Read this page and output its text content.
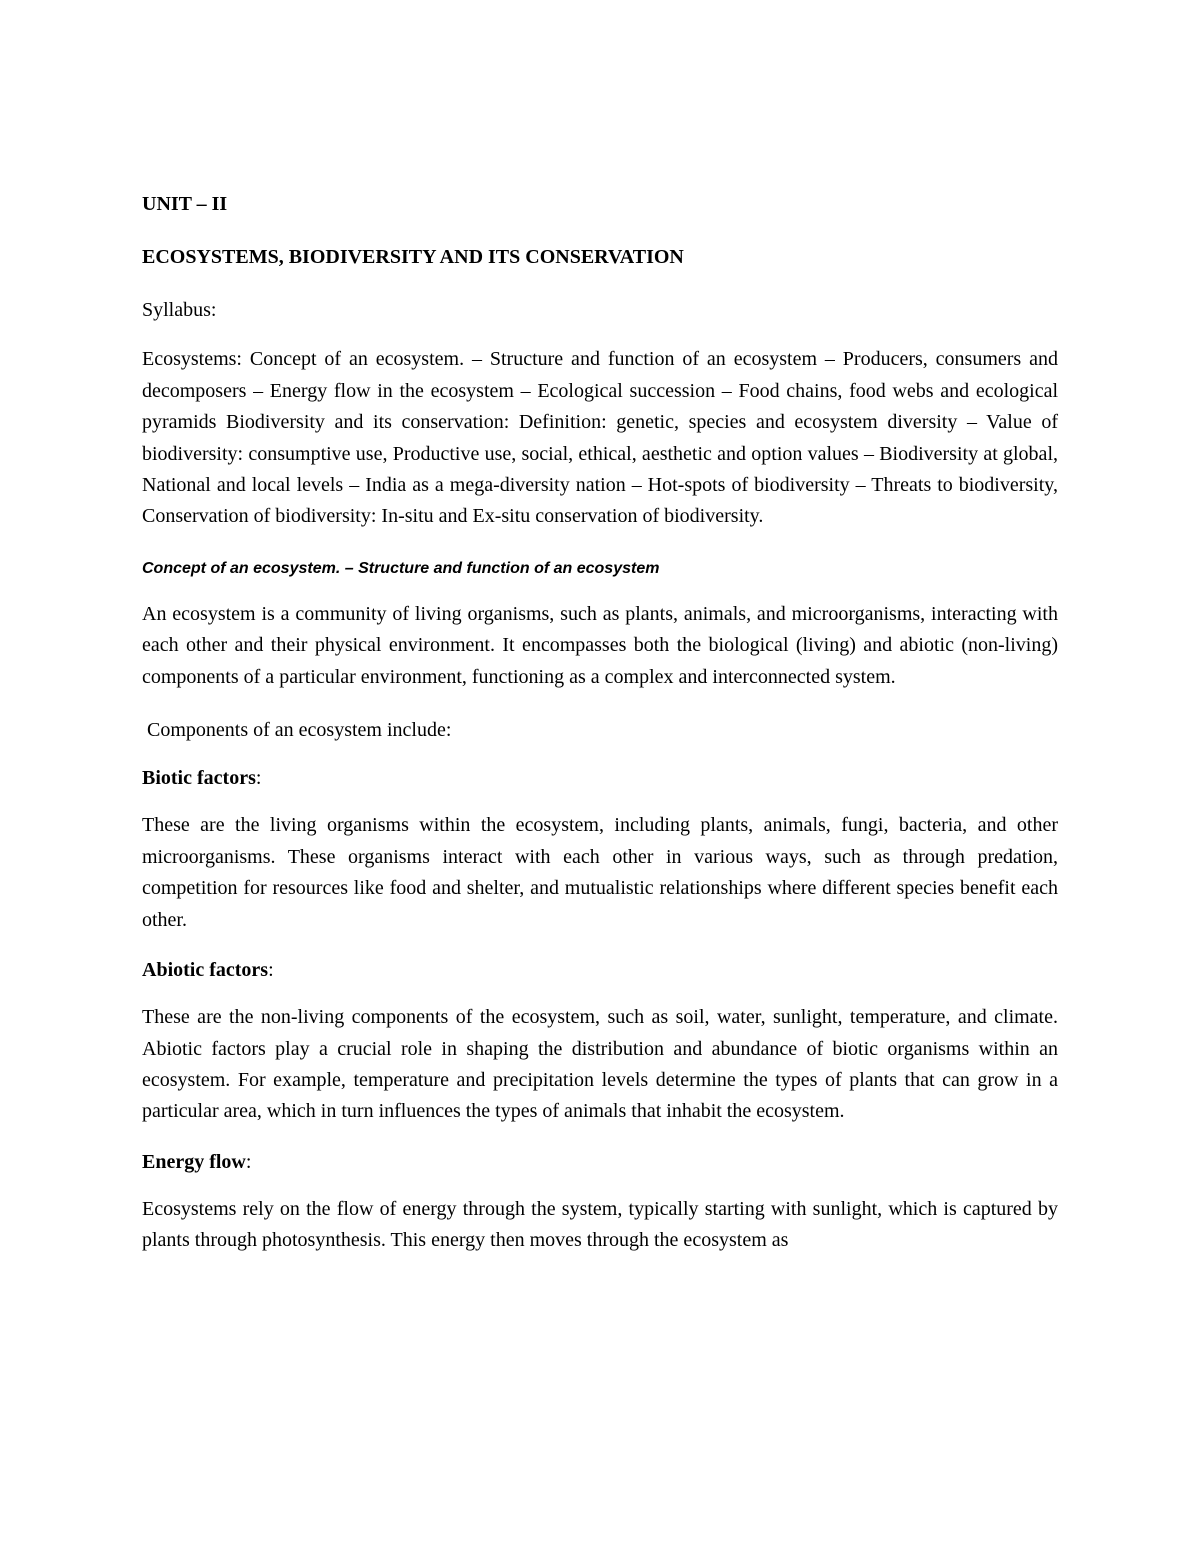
UNIT – II

ECOSYSTEMS, BIODIVERSITY AND ITS CONSERVATION

Syllabus:

Ecosystems: Concept of an ecosystem. – Structure and function of an ecosystem – Producers, consumers and decomposers – Energy flow in the ecosystem – Ecological succession – Food chains, food webs and ecological pyramids Biodiversity and its conservation: Definition: genetic, species and ecosystem diversity – Value of biodiversity: consumptive use, Productive use, social, ethical, aesthetic and option values – Biodiversity at global, National and local levels – India as a mega-diversity nation – Hot-spots of biodiversity – Threats to biodiversity, Conservation of biodiversity: In-situ and Ex-situ conservation of biodiversity.

Concept of an ecosystem. – Structure and function of an ecosystem

An ecosystem is a community of living organisms, such as plants, animals, and microorganisms, interacting with each other and their physical environment. It encompasses both the biological (living) and abiotic (non-living) components of a particular environment, functioning as a complex and interconnected system.

Components of an ecosystem include:

Biotic factors:

These are the living organisms within the ecosystem, including plants, animals, fungi, bacteria, and other microorganisms. These organisms interact with each other in various ways, such as through predation, competition for resources like food and shelter, and mutualistic relationships where different species benefit each other.

Abiotic factors:

These are the non-living components of the ecosystem, such as soil, water, sunlight, temperature, and climate. Abiotic factors play a crucial role in shaping the distribution and abundance of biotic organisms within an ecosystem. For example, temperature and precipitation levels determine the types of plants that can grow in a particular area, which in turn influences the types of animals that inhabit the ecosystem.

Energy flow:

Ecosystems rely on the flow of energy through the system, typically starting with sunlight, which is captured by plants through photosynthesis. This energy then moves through the ecosystem as
